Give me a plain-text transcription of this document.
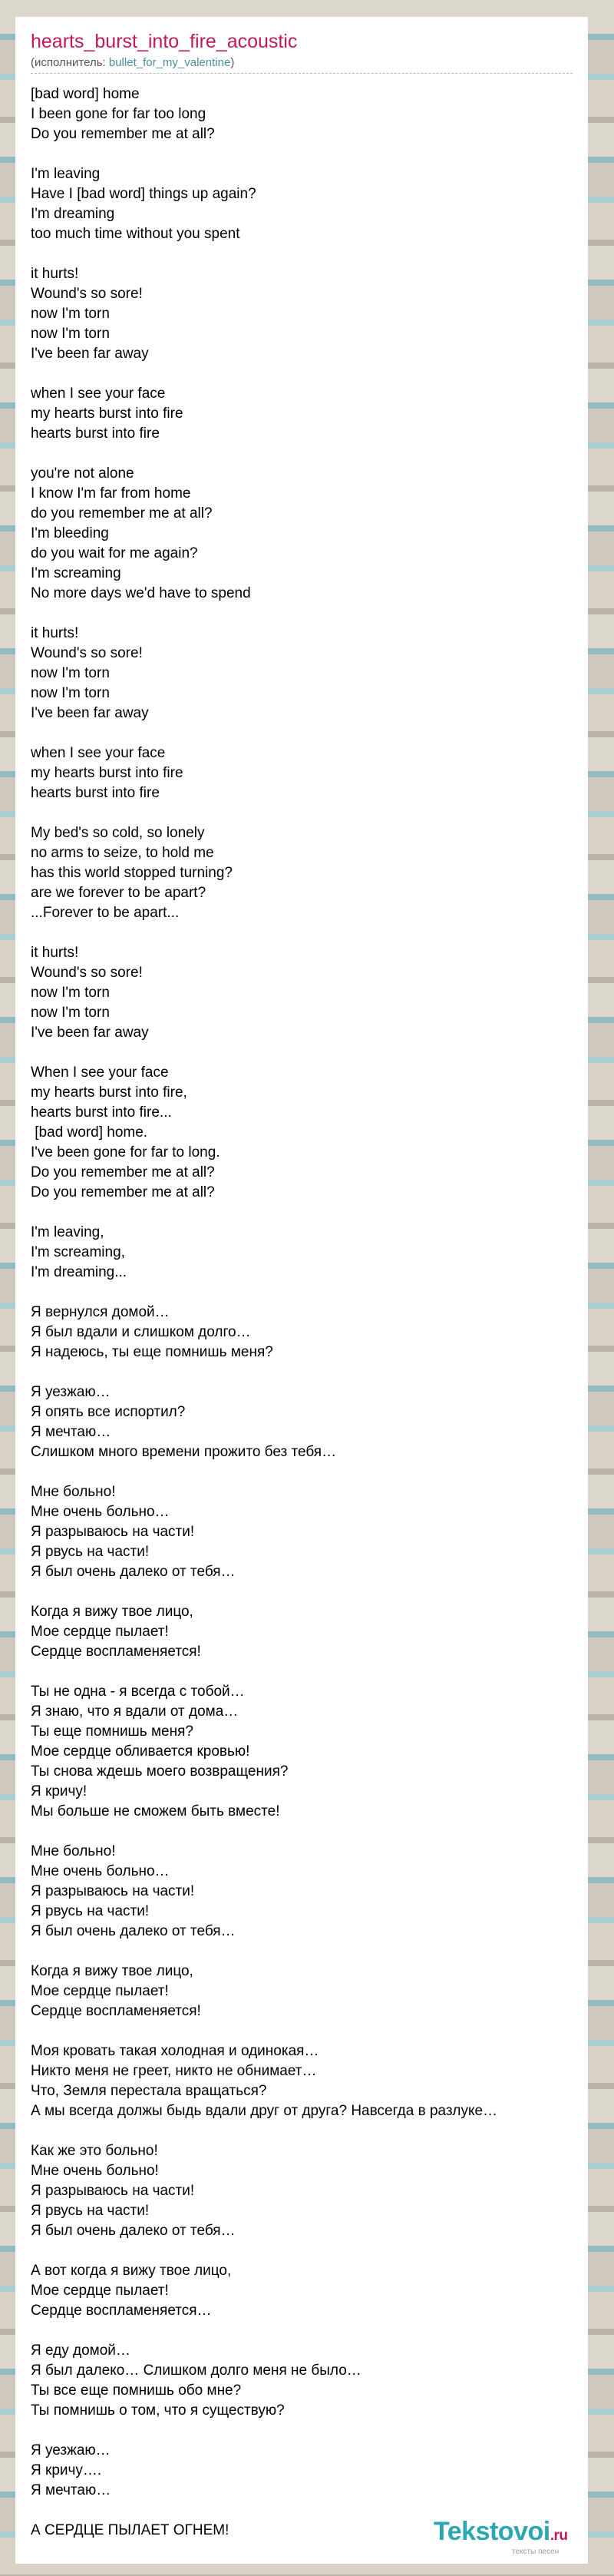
hearts_burst_into_fire_acoustic
(исполнитель: bullet_for_my_valentine)
[bad word] home
I been gone for far too long
Do you remember me at all?

I'm leaving
Have I [bad word] things up again?
I'm dreaming
too much time without you spent

it hurts!
Wound's so sore!
now I'm torn
now I'm torn
I've been far away

when I see your face
my hearts burst into fire
hearts burst into fire

you're not alone
I know I'm far from home
do you remember me at all?
I'm bleeding
do you wait for me again?
I'm screaming
No more days we'd have to spend

it hurts!
Wound's so sore!
now I'm torn
now I'm torn
I've been far away

when I see your face
my hearts burst into fire
hearts burst into fire

My bed's so cold, so lonely
no arms to seize, to hold me
has this world stopped turning?
are we forever to be apart?
...Forever to be apart...

it hurts!
Wound's so sore!
now I'm torn
now I'm torn
I've been far away

When I see your face
my hearts burst into fire,
hearts burst into fire...
[bad word] home.
I've been gone for far to long.
Do you remember me at all?
Do you remember me at all?

I'm leaving,
I'm screaming,
I'm dreaming...

Я вернулся домой…
Я был вдали и слишком долго…
Я надеюсь, ты еще помнишь меня?

Я уезжаю…
Я опять все испортил?
Я мечтаю…
Слишком много времени прожито без тебя…

Мне больно!
Мне очень больно…
Я разрываюсь на части!
Я рвусь на части!
Я был очень далеко от тебя…

Когда я вижу твое лицо,
Мое сердце пылает!
Сердце воспламеняется!

Ты не одна - я всегда с тобой…
Я знаю, что я вдали от дома…
Ты еще помнишь меня?
Мое сердце обливается кровью!
Ты снова ждешь моего возвращения?
Я кричу!
Мы больше не сможем быть вместе!

Мне больно!
Мне очень больно…
Я разрываюсь на части!
Я рвусь на части!
Я был очень далеко от тебя…

Когда я вижу твое лицо,
Мое сердце пылает!
Сердце воспламеняется!

Моя кровать такая холодная и одинокая…
Никто меня не греет, никто не обнимает…
Что, Земля перестала вращаться?
А мы всегда должы быдь вдали друг от друга? Навсегда в разлуке…

Как же это больно!
Мне очень больно!
Я разрываюсь на части!
Я рвусь на части!
Я был очень далеко от тебя…

А вот когда я вижу твое лицо,
Мое сердце пылает!
Сердце воспламеняется…

Я еду домой…
Я был далеко… Слишком долго меня не было…
Ты все еще помнишь обо мне?
Ты помнишь о том, что я существую?

Я уезжаю…
Я кричу….
Я мечтаю…

А СЕРДЦЕ ПЫЛАЕТ ОГНЕМ!	Tekstovoi.ru
тексты песен
